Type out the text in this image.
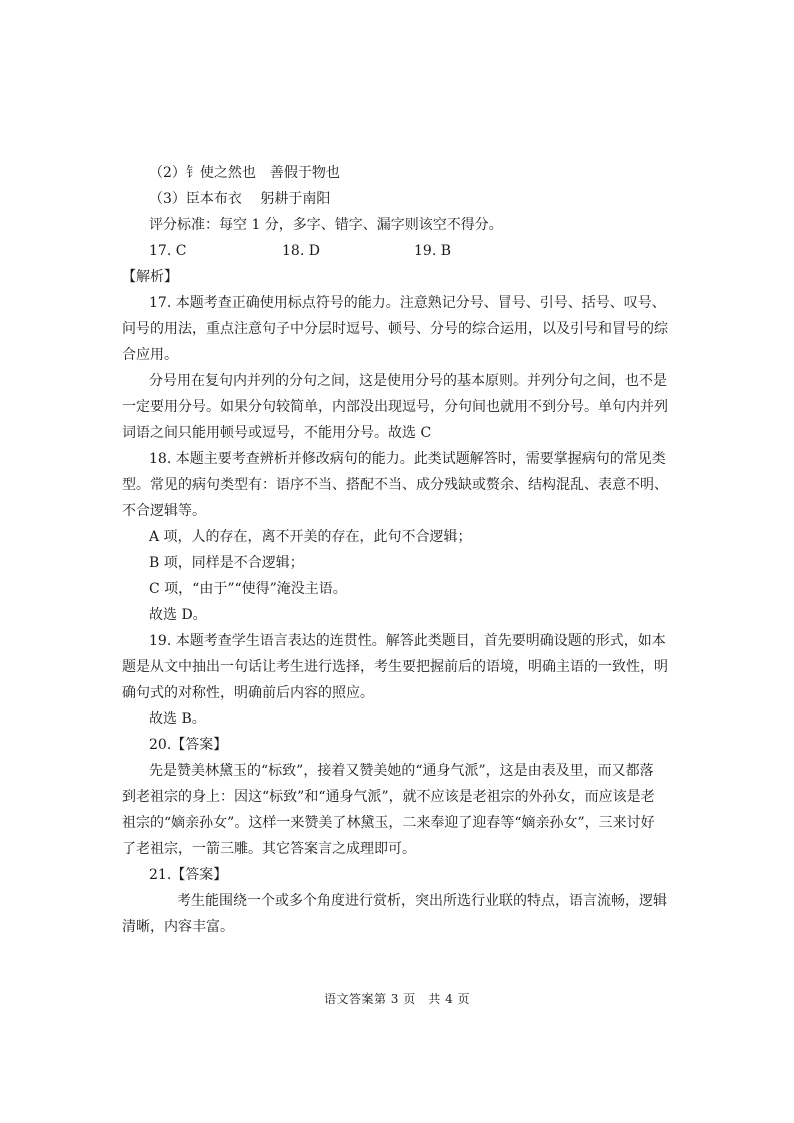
（2）钅使之然也　善假于物也
（3）臣本布衣　 躬耕于南阳
评分标准：每空 1 分，多字、错字、漏字则该空不得分。
17. C	18. D	19. B
【解析】
17. 本题考查正确使用标点符号的能力。注意熟记分号、冒号、引号、括号、叹号、
问号的用法，重点注意句子中分层时逗号、顿号、分号的综合运用，以及引号和冒号的综
合应用。
分号用在复句内并列的分句之间，这是使用分号的基本原则。并列分句之间，也不是
一定要用分号。如果分句较简单，内部没出现逗号，分句间也就用不到分号。单句内并列
词语之间只能用顿号或逗号，不能用分号。故选 C
18. 本题主要考查辨析并修改病句的能力。此类试题解答时，需要掌握病句的常见类
型。常见的病句类型有：语序不当、搭配不当、成分残缺或赘余、结构混乱、表意不明、
不合逻辑等。
A 项，人的存在，离不开美的存在，此句不合逻辑；
B 项，同样是不合逻辑；
C 项，“由于”“使得”淹没主语。
故选 D。
19. 本题考查学生语言表达的连贯性。解答此类题目，首先要明确设题的形式，如本
题是从文中抽出一句话让考生进行选择，考生要把握前后的语境，明确主语的一致性，明
确句式的对称性，明确前后内容的照应。
故选 B。
20.【答案】
先是赞美林黛玉的“标致”，接着又赞美她的“通身气派”，这是由表及里，而又都落
到老祖宗的身上：因这“标致”和“通身气派”，就不应该是老祖宗的外孙女，而应该是老
祖宗的“嫡亲孙女”。这样一来赞美了林黛玉，二来奉迎了迎春等“嫡亲孙女”，三来讨好
了老祖宗，一箭三雕。其它答案言之成理即可。
21.【答案】
　　考生能围绕一个或多个角度进行赏析，突出所选行业联的特点，语言流畅，逻辑
清晰，内容丰富。
语文答案第 3 页　共 4 页
